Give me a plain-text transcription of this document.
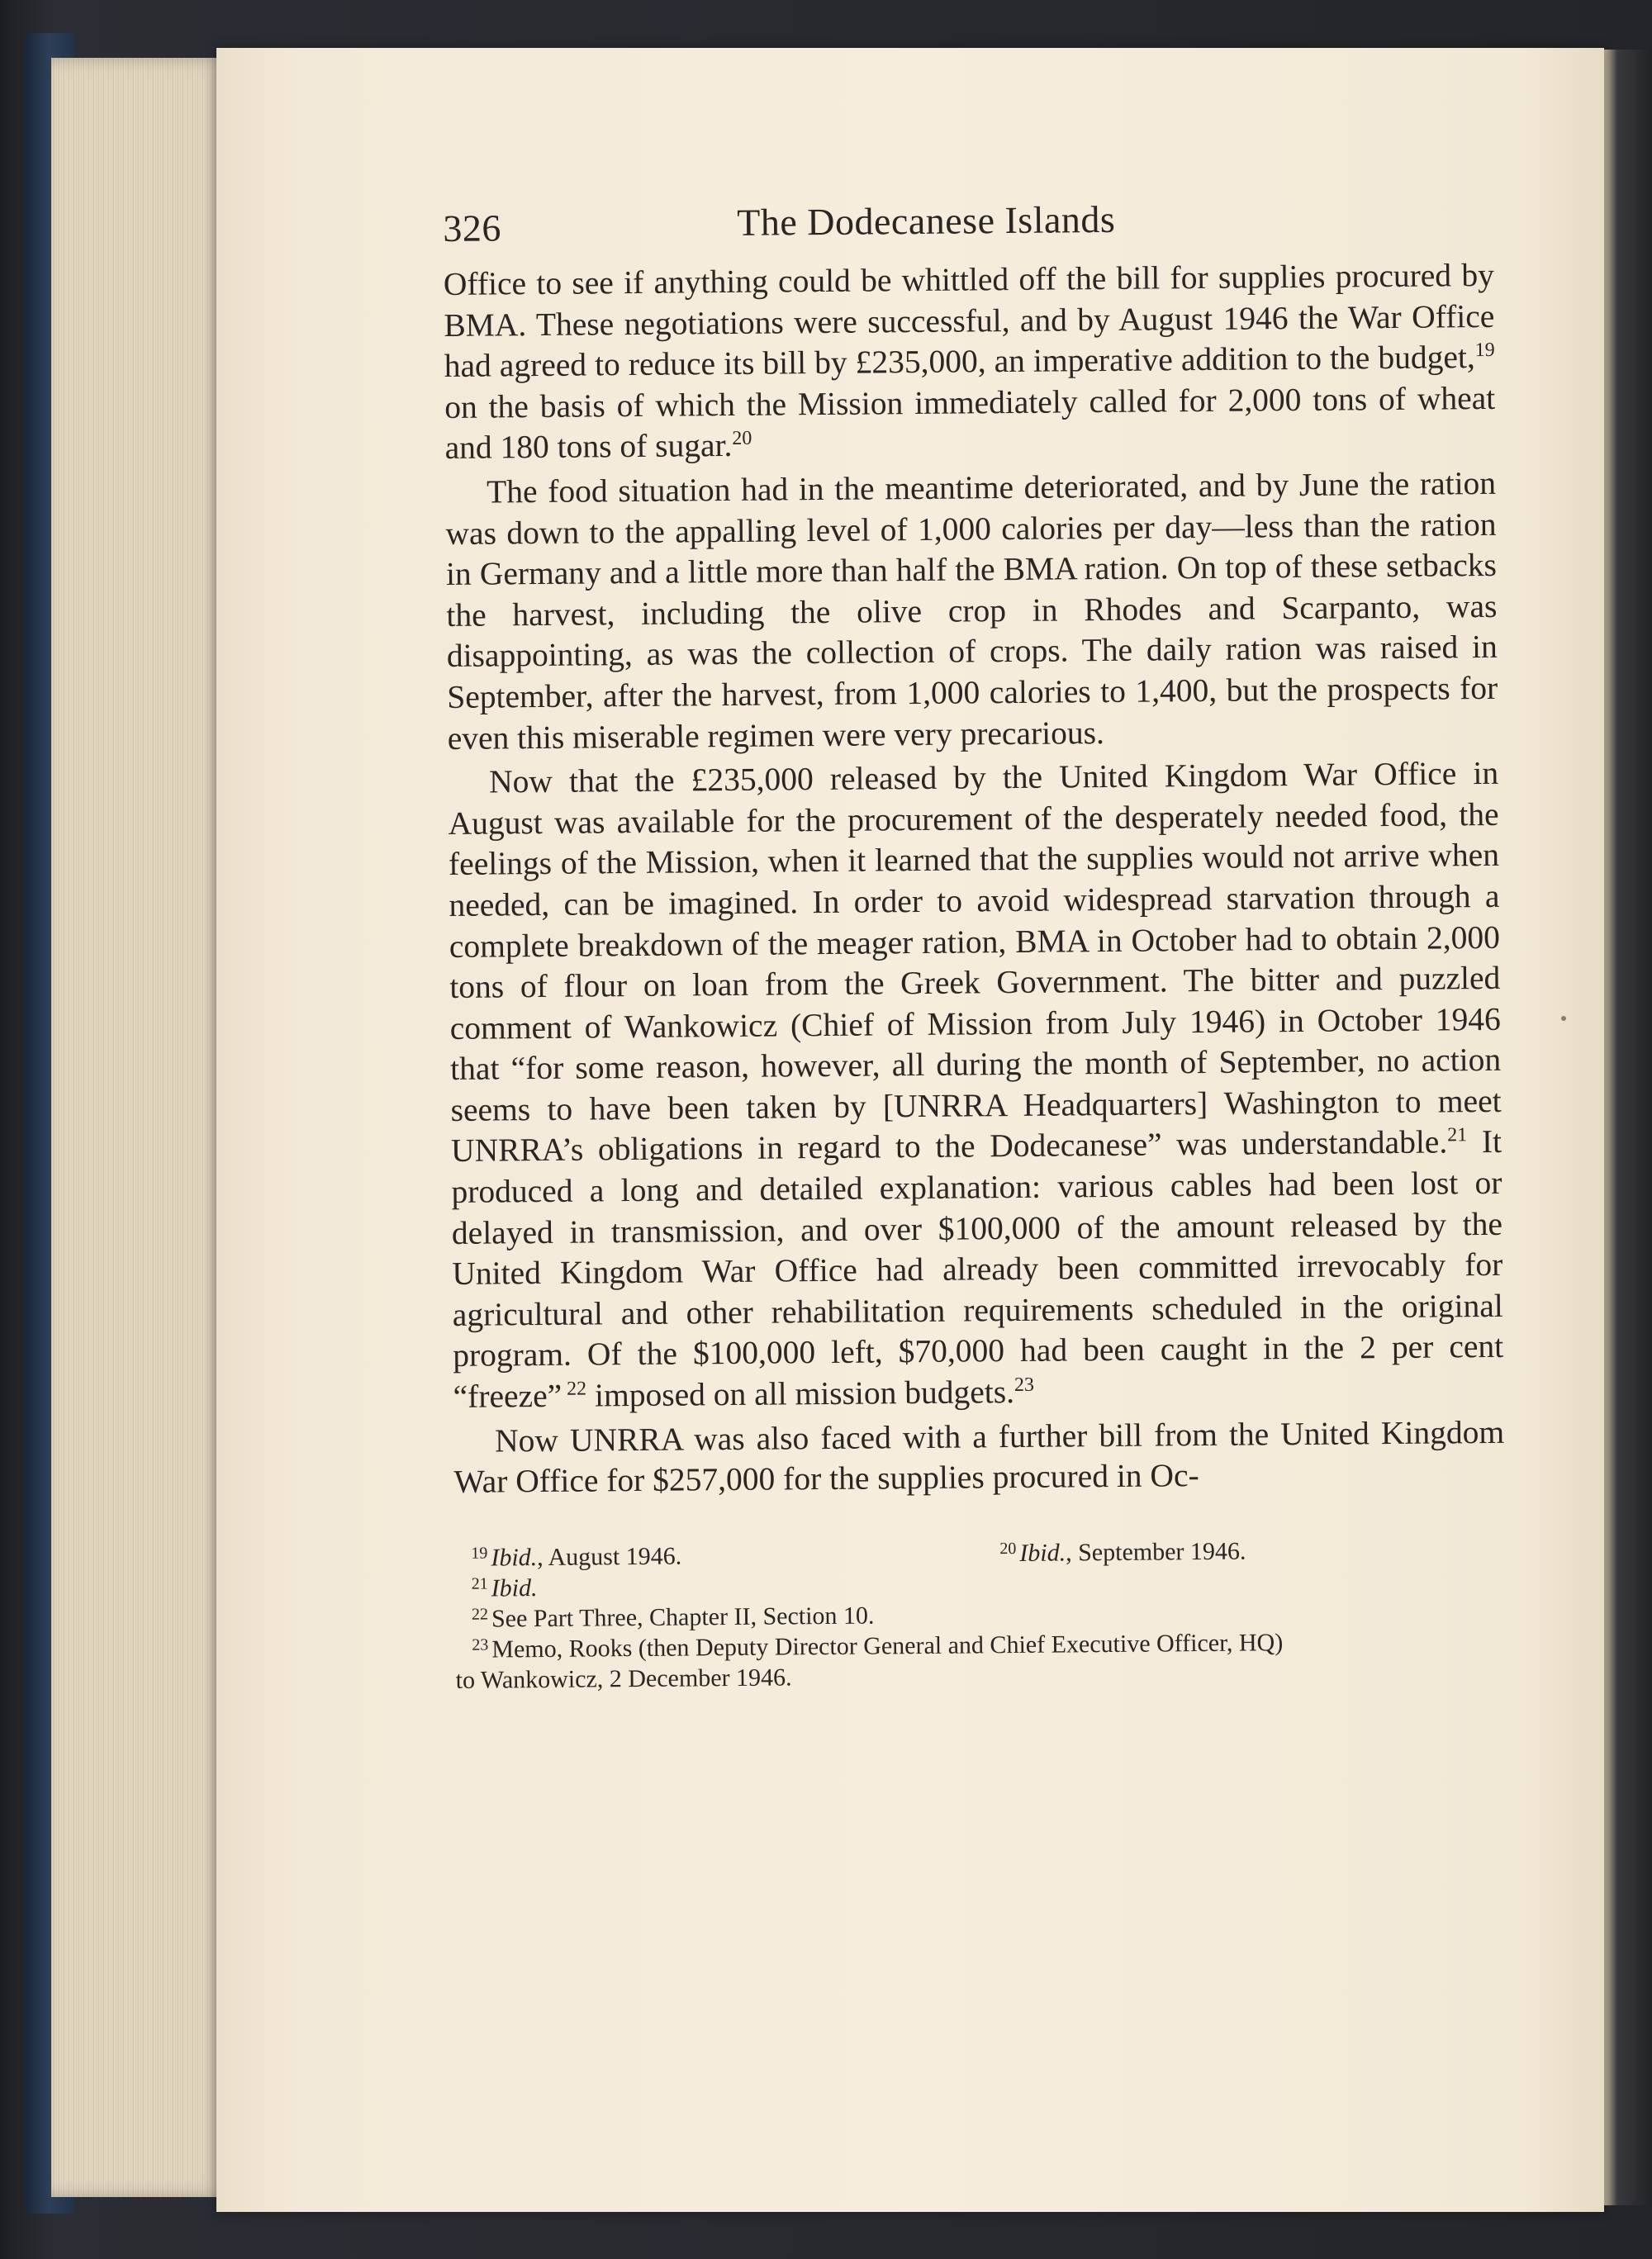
326	The Dodecanese Islands

Office to see if anything could be whittled off the bill for supplies procured by BMA. These negotiations were successful, and by August 1946 the War Office had agreed to reduce its bill by £235,000, an imperative addition to the budget,$^{19}$ on the basis of which the Mission immediately called for 2,000 tons of wheat and 180 tons of sugar.$^{20}$

The food situation had in the meantime deteriorated, and by June the ration was down to the appalling level of 1,000 calories per day—less than the ration in Germany and a little more than half the BMA ration. On top of these setbacks the harvest, including the olive crop in Rhodes and Scarpanto, was disappointing, as was the collection of crops. The daily ration was raised in September, after the harvest, from 1,000 calories to 1,400, but the prospects for even this miserable regimen were very precarious.

Now that the £235,000 released by the United Kingdom War Office in August was available for the procurement of the desperately needed food, the feelings of the Mission, when it learned that the supplies would not arrive when needed, can be imagined. In order to avoid widespread starvation through a complete breakdown of the meager ration, BMA in October had to obtain 2,000 tons of flour on loan from the Greek Government. The bitter and puzzled comment of Wankowicz (Chief of Mission from July 1946) in October 1946 that “for some reason, however, all during the month of September, no action seems to have been taken by [UNRRA Headquarters] Washington to meet UNRRA’s obligations in regard to the Dodecanese” was understandable.$^{21}$ It produced a long and detailed explanation: various cables had been lost or delayed in transmission, and over $100,000 of the amount released by the United Kingdom War Office had already been committed irrevocably for agricultural and other rehabilitation requirements scheduled in the original program. Of the $100,000 left, $70,000 had been caught in the 2 per cent “freeze” $^{22}$ imposed on all mission budgets.$^{23}$

Now UNRRA was also faced with a further bill from the United Kingdom War Office for $257,000 for the supplies procured in Oc-

$^{19}$ Ibid., August 1946.	$^{20}$ Ibid., September 1946.
$^{21}$ Ibid.
$^{22}$ See Part Three, Chapter II, Section 10.
$^{23}$ Memo, Rooks (then Deputy Director General and Chief Executive Officer, HQ)
to Wankowicz, 2 December 1946.
